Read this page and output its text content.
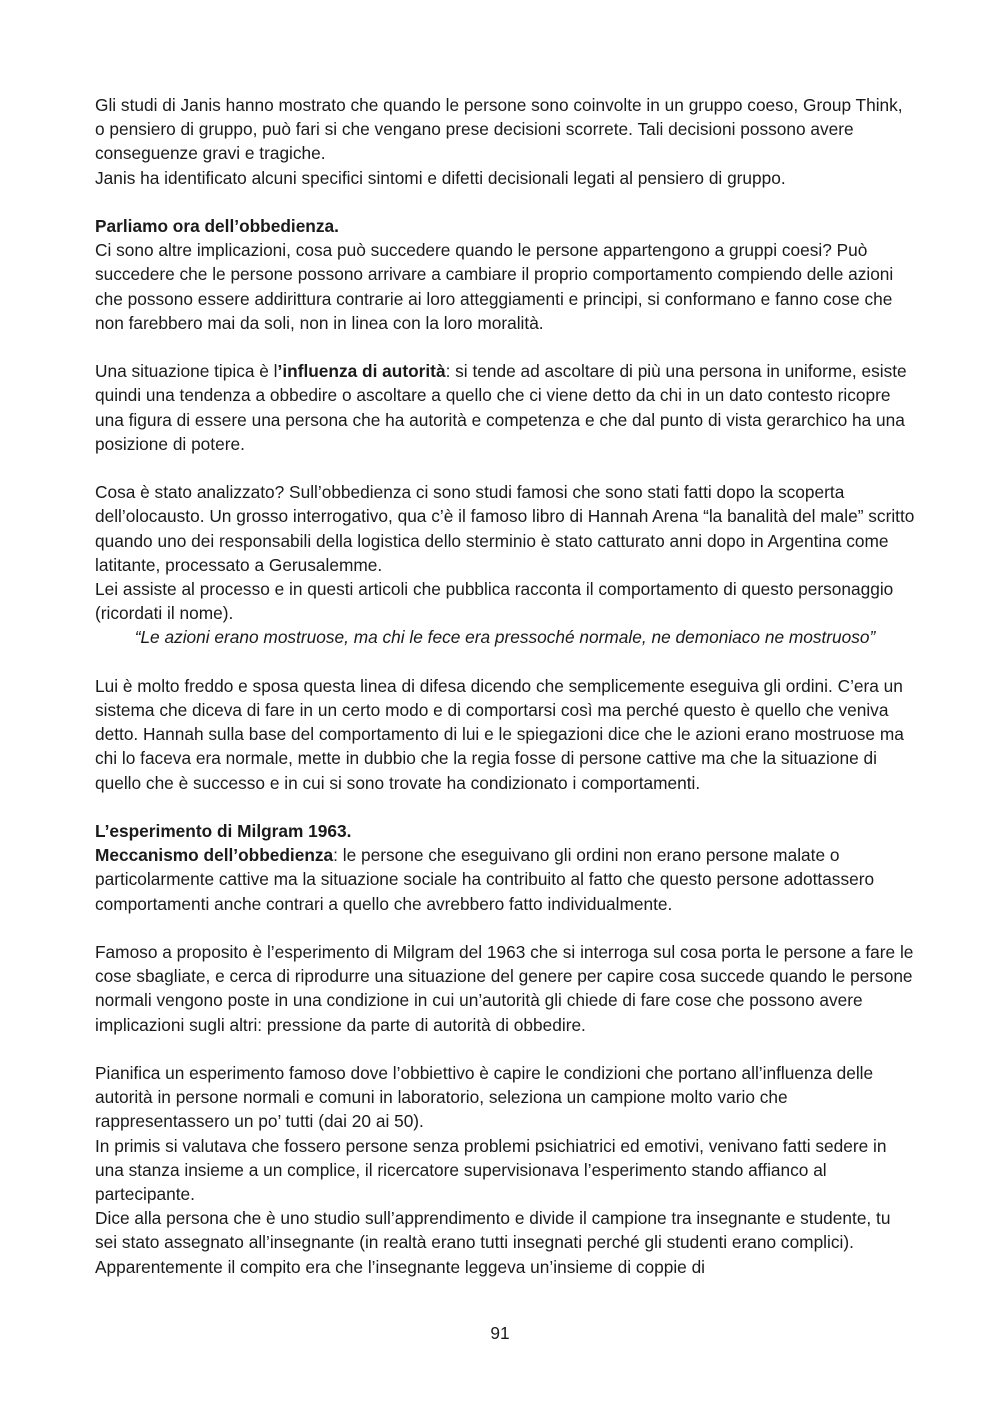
Gli studi di Janis hanno mostrato che quando le persone sono coinvolte in un gruppo coeso, Group Think, o pensiero di gruppo, può fari si che vengano prese decisioni scorrete. Tali decisioni possono avere conseguenze gravi e tragiche.

Janis ha identificato alcuni specifici sintomi e difetti decisionali legati al pensiero di gruppo.

Parliamo ora dell’obbedienza.

Ci sono altre implicazioni, cosa può succedere quando le persone appartengono a gruppi coesi? Può succedere che le persone possono arrivare a cambiare il proprio comportamento compiendo delle azioni che possono essere addirittura contrarie ai loro atteggiamenti e principi, si conformano e fanno cose che non farebbero mai da soli, non in linea con la loro moralità.

Una situazione tipica è l’influenza di autorità: si tende ad ascoltare di più una persona in uniforme, esiste quindi una tendenza a obbedire o ascoltare a quello che ci viene detto da chi in un dato contesto ricopre una figura di essere una persona che ha autorità e competenza e che dal punto di vista gerarchico ha una posizione di potere.

Cosa è stato analizzato? Sull’obbedienza ci sono studi famosi che sono stati fatti dopo la scoperta dell’olocausto. Un grosso interrogativo, qua c’è il famoso libro di Hannah Arena “la banalità del male” scritto quando uno dei responsabili della logistica dello sterminio è stato catturato anni dopo in Argentina come latitante, processato a Gerusalemme.

Lei assiste al processo e in questi articoli che pubblica racconta il comportamento di questo personaggio (ricordati il nome).

“Le azioni erano mostruose, ma chi le fece era pressoché normale, ne demoniaco ne mostruoso”

Lui è molto freddo e sposa questa linea di difesa dicendo che semplicemente eseguiva gli ordini. C’era un sistema che diceva di fare in un certo modo e di comportarsi così ma perché questo è quello che veniva detto. Hannah sulla base del comportamento di lui e le spiegazioni dice che le azioni erano mostruose ma chi lo faceva era normale, mette in dubbio che la regia fosse di persone cattive ma che la situazione di quello che è successo e in cui si sono trovate ha condizionato i comportamenti.

L’esperimento di Milgram 1963.

Meccanismo dell’obbedienza: le persone che eseguivano gli ordini non erano persone malate o particolarmente cattive ma la situazione sociale ha contribuito al fatto che questo persone adottassero comportamenti anche contrari a quello che avrebbero fatto individualmente.

Famoso a proposito è l’esperimento di Milgram del 1963 che si interroga sul cosa porta le persone a fare le cose sbagliate, e cerca di riprodurre una situazione del genere per capire cosa succede quando le persone normali vengono poste in una condizione in cui un’autorità gli chiede di fare cose che possono avere implicazioni sugli altri: pressione da parte di autorità di obbedire.

Pianifica un esperimento famoso dove l’obbiettivo è capire le condizioni che portano all’influenza delle autorità in persone normali e comuni in laboratorio, seleziona un campione molto vario che rappresentassero un po’ tutti (dai 20 ai 50).

In primis si valutava che fossero persone senza problemi psichiatrici ed emotivi, venivano fatti sedere in una stanza insieme a un complice, il ricercatore supervisionava l’esperimento stando affianco al partecipante.

Dice alla persona che è uno studio sull’apprendimento e divide il campione tra insegnante e studente, tu sei stato assegnato all’insegnante (in realtà erano tutti insegnati perché gli studenti erano complici). Apparentemente il compito era che l’insegnante leggeva un’insieme di coppie di

91
